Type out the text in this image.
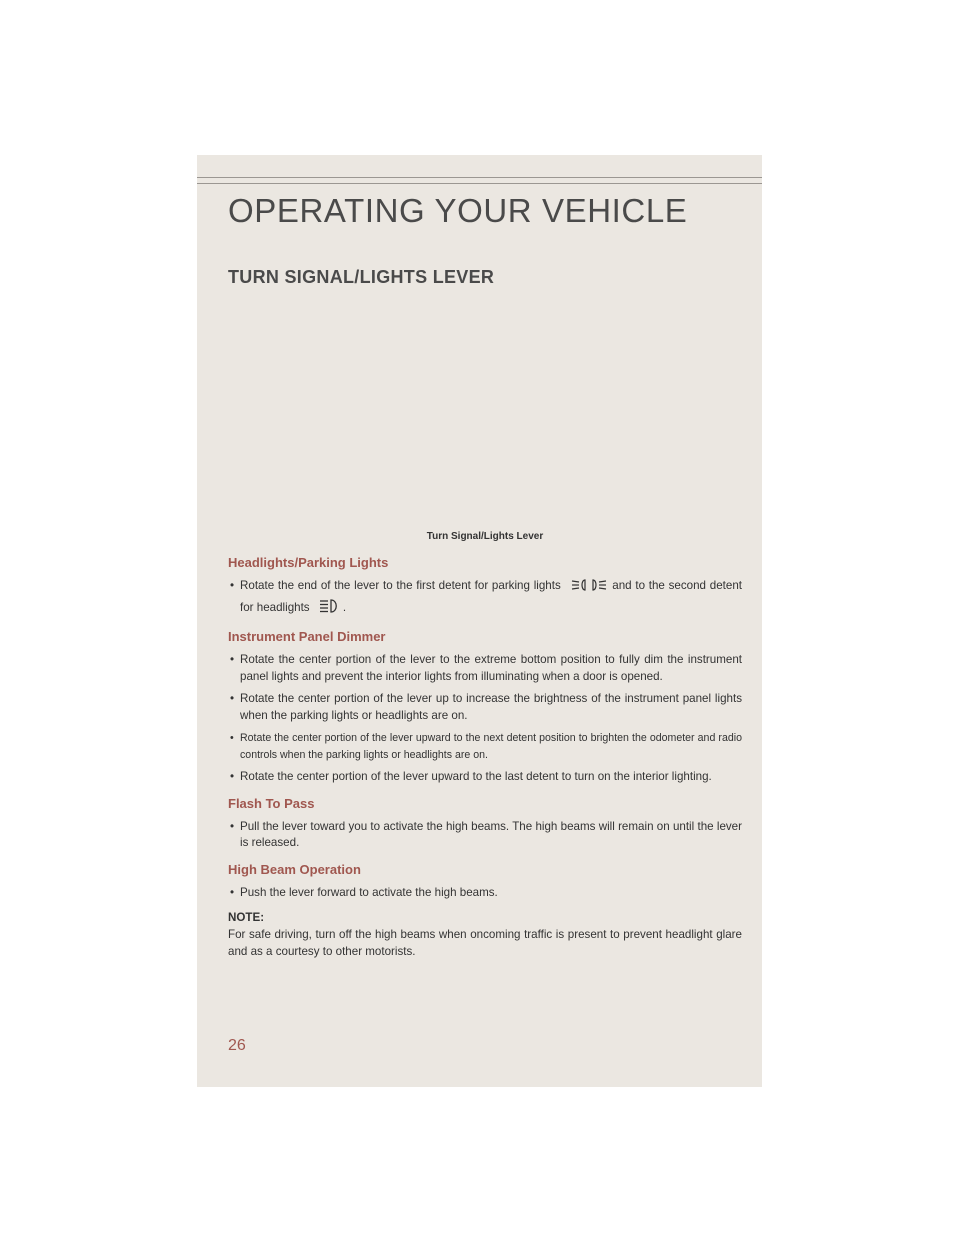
OPERATING YOUR VEHICLE
TURN SIGNAL/LIGHTS LEVER
Turn Signal/Lights Lever
Headlights/Parking Lights
• Rotate the end of the lever to the first detent for parking lights	and to the second detent for headlights	.
Instrument Panel Dimmer
• Rotate the center portion of the lever to the extreme bottom position to fully dim the instrument panel lights and prevent the interior lights from illuminating when a door is opened.
• Rotate the center portion of the lever up to increase the brightness of the instrument panel lights when the parking lights or headlights are on.
• Rotate the center portion of the lever upward to the next detent position to brighten the odometer and radio controls when the parking lights or headlights are on.
• Rotate the center portion of the lever upward to the last detent to turn on the interior lighting.
Flash To Pass
• Pull the lever toward you to activate the high beams. The high beams will remain on until the lever is released.
High Beam Operation
• Push the lever forward to activate the high beams.
NOTE:
For safe driving, turn off the high beams when oncoming traffic is present to prevent headlight glare and as a courtesy to other motorists.
26
